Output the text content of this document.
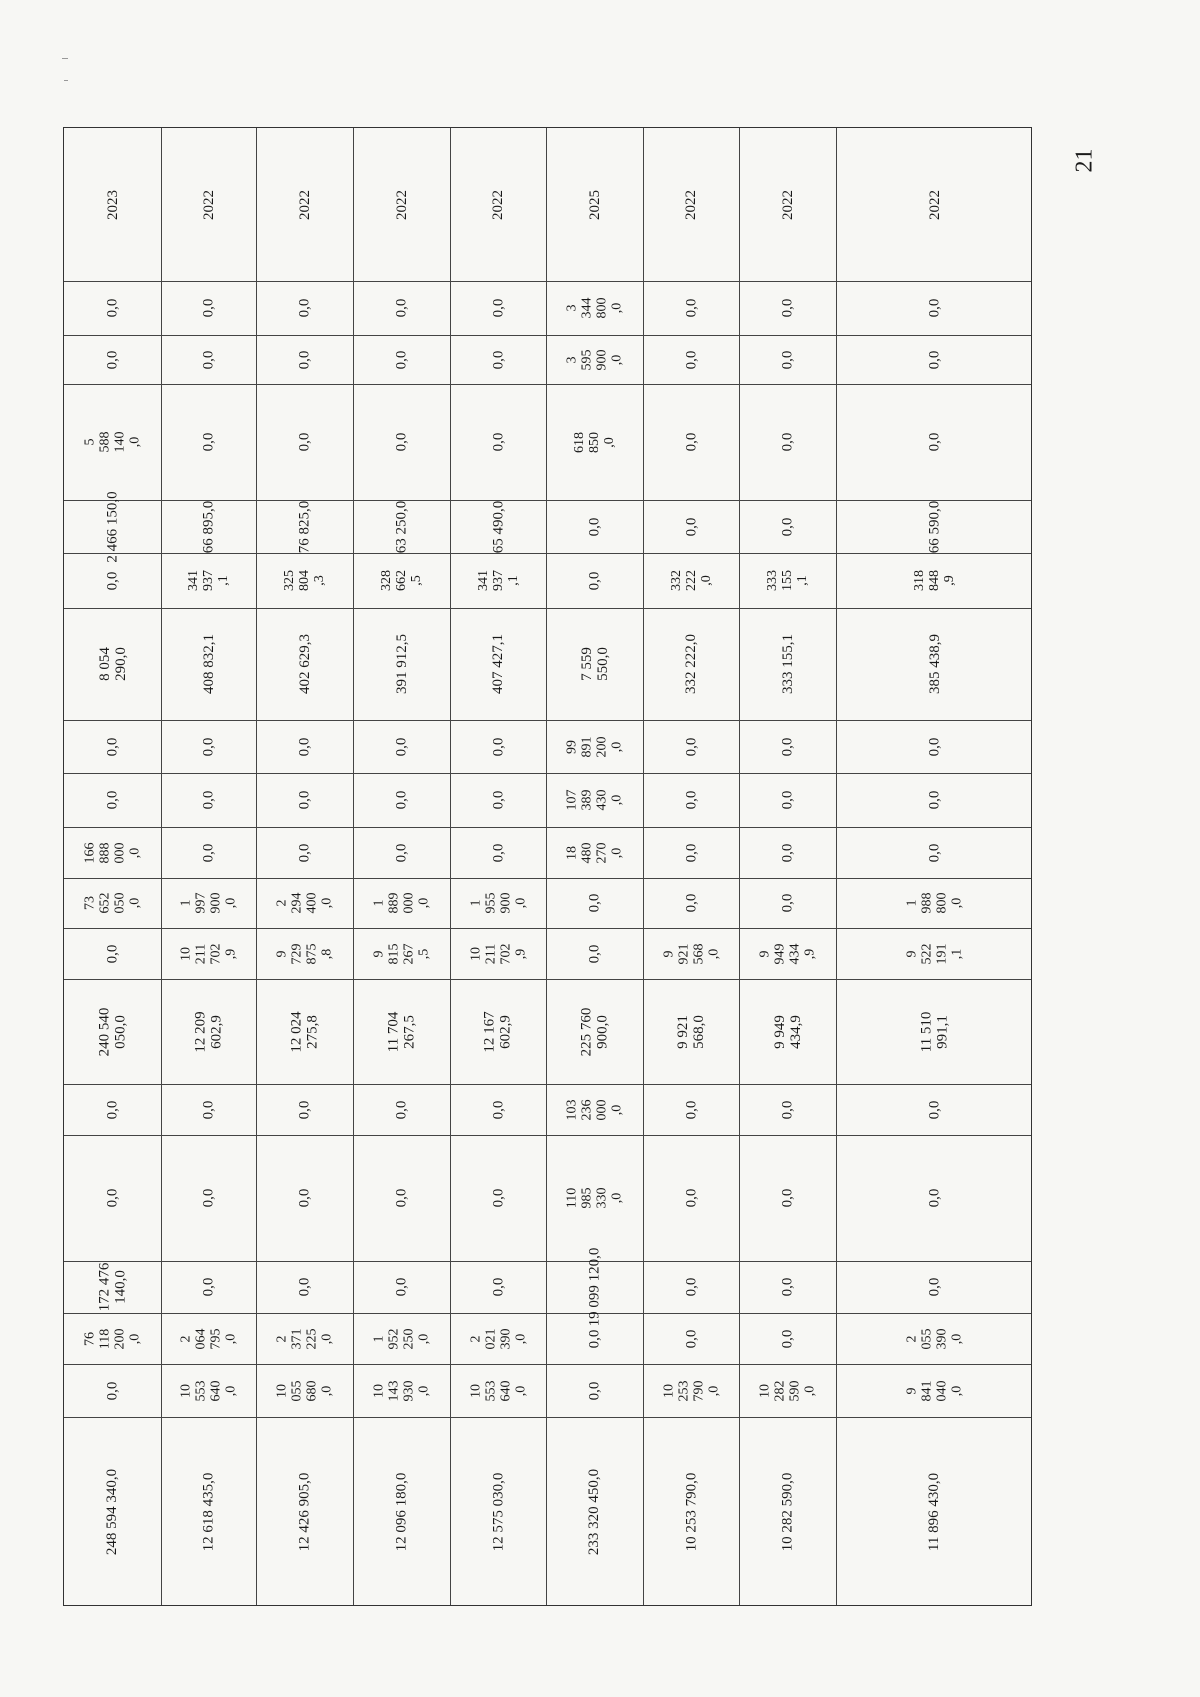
21
248 594 340,0
0,0
76
118
200
,0
172 476
140,0
0,0
0,0
240 540
050,0
0,0
73
652
050
,0
166
888
000
,0
0,0
0,0
8 054
290,0
0,0
2 466 150,0
5
588
140
,0
0,0
0,0
2023
12 618 435,0
10
553
640
,0
2
064
795
,0
0,0
0,0
0,0
12 209
602,9
10
211
702
,9
1
997
900
,0
0,0
0,0
0,0
408 832,1
341
937
,1
66 895,0
0,0
0,0
0,0
2022
12 426 905,0
10
055
680
,0
2
371
225
,0
0,0
0,0
0,0
12 024
275,8
9
729
875
,8
2
294
400
,0
0,0
0,0
0,0
402 629,3
325
804
,3
76 825,0
0,0
0,0
0,0
2022
12 096 180,0
10
143
930
,0
1
952
250
,0
0,0
0,0
0,0
11 704
267,5
9
815
267
,5
1
889
000
,0
0,0
0,0
0,0
391 912,5
328
662
,5
63 250,0
0,0
0,0
0,0
2022
12 575 030,0
10
553
640
,0
2
021
390
,0
0,0
0,0
0,0
12 167
602,9
10
211
702
,9
1
955
900
,0
0,0
0,0
0,0
407 427,1
341
937
,1
65 490,0
0,0
0,0
0,0
2022
233 320 450,0
0,0
0,0
19 099 120,0
110
985
330
,0
103
236
000
,0
225 760
900,0
0,0
0,0
18
480
270
,0
107
389
430
,0
99
891
200
,0
7 559
550,0
0,0
0,0
618
850
,0
3
595
900
,0
3
344
800
,0
2025
10 253 790,0
10
253
790
,0
0,0
0,0
0,0
0,0
9 921
568,0
9
921
568
,0
0,0
0,0
0,0
0,0
332 222,0
332
222
,0
0,0
0,0
0,0
0,0
2022
10 282 590,0
10
282
590
,0
0,0
0,0
0,0
0,0
9 949
434,9
9
949
434
,9
0,0
0,0
0,0
0,0
333 155,1
333
155
,1
0,0
0,0
0,0
0,0
2022
11 896 430,0
9
841
040
,0
2
055
390
,0
0,0
0,0
0,0
11 510
991,1
9
522
191
,1
1
988
800
,0
0,0
0,0
0,0
385 438,9
318
848
,9
66 590,0
0,0
0,0
0,0
2022
